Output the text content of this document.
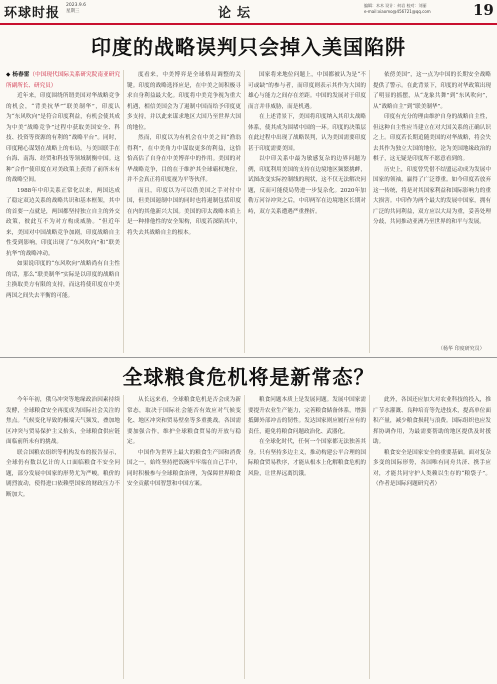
环球时报
2023.9.6
星期三	论坛
编辑：木木 设计：何岩 校对：刘丽
e-mail:xiaomo@456721@qq.com	19
印度的战略误判只会掉入美国陷阱

◆ 杨春雷（中国现代国际关系研究院南亚研究所副所长、研究员）

近年来，印度围绕所谓美国对华战略竞争的机会，“背美抗华”“联美制华”，印度认为“东风吹向”是符合印度利益，有机会使其成为中美“战略竞争”过程中获取美国安全、科技、投资等资源的有利的“战略平台”。同时，印度精心谋划在战略上的布局，与美国联手在台海、南海、经贸和科技等领域制衡中国。这种“合作”使印度在对美政策上获得了前所未有的战略空间。

1988年中印关系正常化以来，两国达成了稳定双边关系的战略共识和基本框架，其中的首要一点就是，两国都坚持独立自主的外交政策，彼此互不为对方构成威胁。“但近年来，美国对中国战略竞争加剧，印度战略自主性受到影响，印度出现了“东风吹向”和“联美抗华”的战略冲动。

如果说印度的“东风吹向”战略尚有自主性的话，那么“联美制华”实际是以印度的战略自主换取美方有限的支持，而这将使印度在中美两国之间失去平衡的可能。

度看来，中美博弈是全球格局调整的关键。印度的战略选择应是，在中美之间积极寻求自身利益最大化。印度将中美竞争视为重大机遇，相信美国会为了遏制中国而给予印度更多支持，并以此来谋求地区大国乃至世界大国的地位。

然而，印度以为有机会在中美之间“渔翁得利”，在中美角力中谋取更多的利益，这恰恰高估了自身在中美博弈中的作用。美国的对华战略竞争，目的在于维护其全球霸权地位，并不会真正将印度视为平等伙伴。

而且，印度以为可以借美国之手对付中国，但美国遏制中国的同时也将遏制包括印度在内的其他新兴大国。美国的印太战略本质上是一种排他性的安全架构，印度若深陷其中，将失去其战略自主的根本。

国家将来地位问题上，中国都被认为是“不可或缺”的参与者，而印度则表示其作为大国的雄心与能力之间存在差距。中国的发展对于印度而言并非威胁，而是机遇。

在上述背景下，美国将印度纳入其印太战略体系，使其成为围堵中国的一环。印度的决策层在此过程中出现了战略误判，认为美国需要印度甚于印度需要美国。

以中印关系中最为敏感复杂的边界问题为例，印度利用美国的支持在边境地区频繁挑衅，试图改变实际控制线的现状，这不仅无法解决问题，反而可能使局势进一步复杂化。2020年加勒万河谷冲突之后，中印两军在边境地区长期对峙，双方关系遭遇严重挫折。

依傍美国”，这一点为中国的长期安全战略提供了警示。在此背景下，印度的对华政策出现了明显的摇摆，从“龙象共舞”到“东风吹向”，从“战略自主”到“联美制华”。

印度有充分的理由维护自身的战略自主性，但这种自主性应当建立在对大国关系的正确认识之上。印度若长期追随美国的对华战略，将会失去其作为独立大国的地位，沦为美国地缘政治的棋子，这无疑是印度所不愿意看到的。

历史上，印度曾凭借不结盟运动成为发展中国家的领袖，赢得了广泛尊重。如今印度若放弃这一传统，将是对其国家利益和国际影响力的重大损害。中印作为两个最大的发展中国家，拥有广泛的共同利益，双方应以大局为重，妥善处理分歧，共同推动亚洲乃至世界的和平与发展。

（杨华 印度研究员）
全球粮食危机将是新常态？

今年年初，俄乌冲突等地缘政治因素持续发酵，全球粮食安全再度成为国际社会关注的焦点。气候变化导致的极端天气频发，叠加地区冲突与贸易保护主义抬头，全球粮食供应链面临前所未有的挑战。

联合国粮农组织等机构发布的报告显示，全球仍有数以亿计的人口面临粮食不安全问题，部分发展中国家的形势尤为严峻。粮价的剧烈波动，使得进口依赖型国家的财政压力不断加大。

从长远来看，全球粮食危机是否会成为新常态，取决于国际社会能否有效应对气候变化、地区冲突和贸易壁垒等多重挑战。各国需要加强合作，维护全球粮食贸易的开放与稳定。

中国作为世界上最大的粮食生产国和消费国之一，始终坚持把饭碗牢牢端在自己手中，同时积极参与全球粮食治理，为保障世界粮食安全贡献中国智慧和中国方案。

粮食问题本质上是发展问题。发展中国家需要提升农业生产能力，完善粮食储备体系，增强抵御外部冲击的韧性。发达国家则应履行应有的责任，避免将粮食问题政治化、武器化。

在全球化时代，任何一个国家都无法独善其身。只有坚持多边主义，推动构建公平合理的国际粮食贸易秩序，才能从根本上化解粮食危机的风险，让世界远离饥饿。

此外，各国还应加大对农业科技的投入，推广节水灌溉、良种培育等先进技术，提高单位面积产量，减少粮食损耗与浪费。国际组织也应发挥协调作用，为最需要帮助的地区提供及时援助。

粮食安全是国家安全的重要基础。面对复杂多变的国际形势，各国唯有同舟共济、携手应对，才能共同守护人类赖以生存的“粮袋子”。（作者是国际问题研究者）
